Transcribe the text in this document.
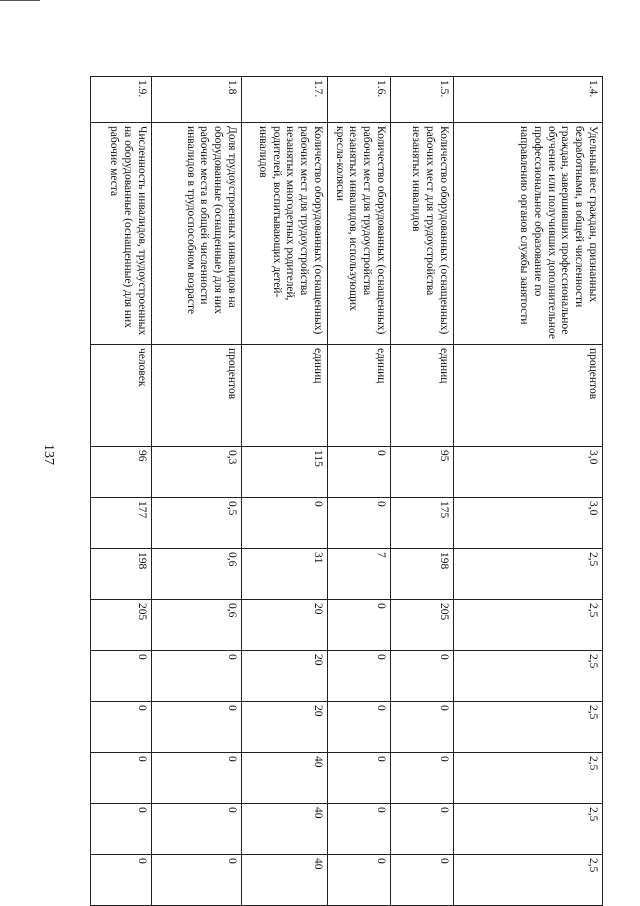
137
1.4.	Удельный вес граждан, признанных безработными, в общей численности граждан, завершивших профессиональное обучение или получивших дополнительное профессиональное образование по направлению органов службы занятости	процентов	3,0	3,0	2,5	2,5	2,5	2,5	2,5	2,5	2,5
1.5.	Количество оборудованных (оснащенных) рабочих мест для трудоустройства незанятых инвалидов	единиц	95	175	198	205	0	0	0	0	0
1.6.	Количество оборудованных (оснащенных) рабочих мест для трудоустройства незанятых инвалидов, использующих кресла-коляски	единиц	0	0	7	0	0	0	0	0	0
1.7.	Количество оборудованных (оснащенных) рабочих мест для трудоустройства незанятых многодетных родителей, родителей, воспитывающих детей-инвалидов	единиц	115	0	31	20	20	20	40	40	40
1.8	Доля трудоустроенных инвалидов на оборудованные (оснащенные) для них рабочие места в общей численности инвалидов в трудоспособном возрасте	процентов	0,3	0,5	0,6	0,6	0	0	0	0	0
1.9.	Численность инвалидов, трудоустроенных на оборудованные (оснащенные) для них рабочие места	человек	96	177	198	205	0	0	0	0	0
